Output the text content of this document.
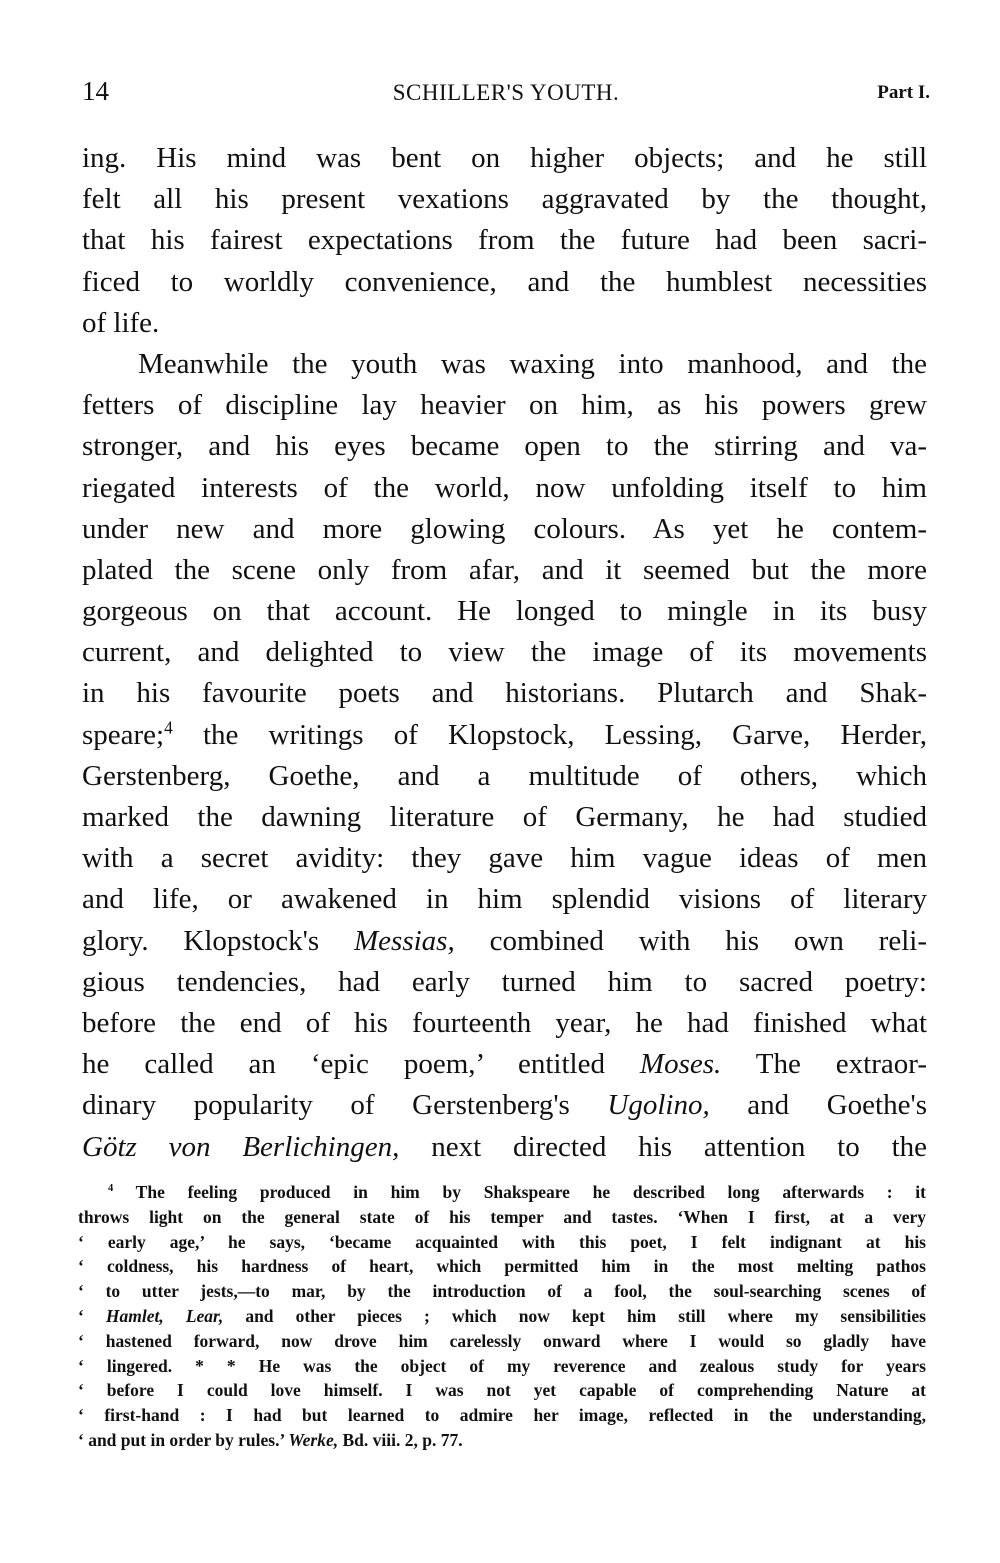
14	SCHILLER'S YOUTH.	Part I.
ing. His mind was bent on higher objects; and he still
felt all his present vexations aggravated by the thought,
that his fairest expectations from the future had been sacri-
ficed to worldly convenience, and the humblest necessities
of life.
Meanwhile the youth was waxing into manhood, and the
fetters of discipline lay heavier on him, as his powers grew
stronger, and his eyes became open to the stirring and va-
riegated interests of the world, now unfolding itself to him
under new and more glowing colours. As yet he contem-
plated the scene only from afar, and it seemed but the more
gorgeous on that account. He longed to mingle in its busy
current, and delighted to view the image of its movements
in his favourite poets and historians. Plutarch and Shak-
speare;$^4$ the writings of Klopstock, Lessing, Garve, Herder,
Gerstenberg, Goethe, and a multitude of others, which
marked the dawning literature of Germany, he had studied
with a secret avidity: they gave him vague ideas of men
and life, or awakened in him splendid visions of literary
glory. Klopstock's Messias, combined with his own reli-
gious tendencies, had early turned him to sacred poetry:
before the end of his fourteenth year, he had finished what
he called an ‘epic poem,’ entitled Moses. The extraor-
dinary popularity of Gerstenberg's Ugolino, and Goethe's
Götz von Berlichingen, next directed his attention to the
$^4$ The feeling produced in him by Shakspeare he described long afterwards : it
throws light on the general state of his temper and tastes. ‘When I first, at a very
‘ early age,’ he says, ‘became acquainted with this poet, I felt indignant at his
‘ coldness, his hardness of heart, which permitted him in the most melting pathos
‘ to utter jests,—to mar, by the introduction of a fool, the soul-searching scenes of
‘ Hamlet, Lear, and other pieces ; which now kept him still where my sensibilities
‘ hastened forward, now drove him carelessly onward where I would so gladly have
‘ lingered. * * He was the object of my reverence and zealous study for years
‘ before I could love himself. I was not yet capable of comprehending Nature at
‘ first-hand : I had but learned to admire her image, reflected in the understanding,
‘ and put in order by rules.’ Werke, Bd. viii. 2, p. 77.
